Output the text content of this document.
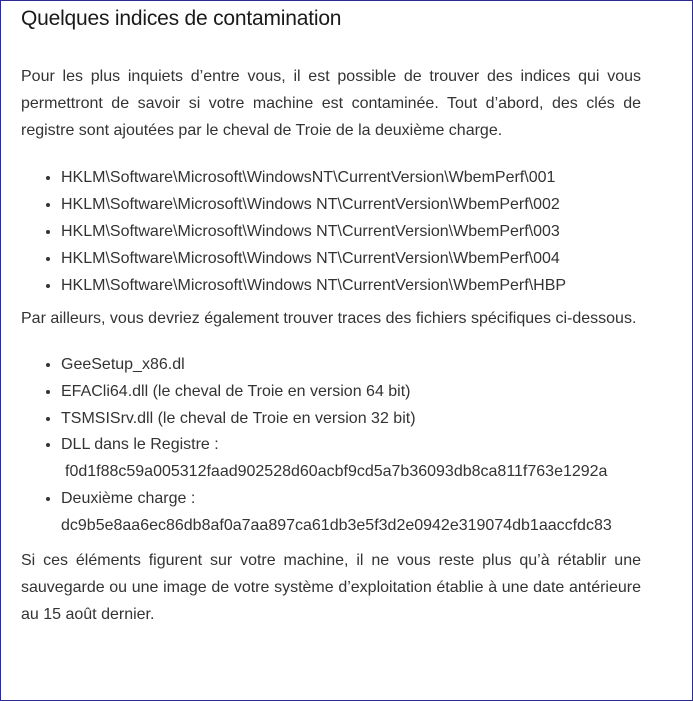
Quelques indices de contamination

Pour les plus inquiets d’entre vous, il est possible de trouver des indices qui vous permettront de savoir si votre machine est contaminée. Tout d’abord, des clés de registre sont ajoutées par le cheval de Troie de la deuxième charge.

• HKLM\Software\Microsoft\WindowsNT\CurrentVersion\WbemPerf\001
• HKLM\Software\Microsoft\Windows NT\CurrentVersion\WbemPerf\002
• HKLM\Software\Microsoft\Windows NT\CurrentVersion\WbemPerf\003
• HKLM\Software\Microsoft\Windows NT\CurrentVersion\WbemPerf\004
• HKLM\Software\Microsoft\Windows NT\CurrentVersion\WbemPerf\HBP

Par ailleurs, vous devriez également trouver traces des fichiers spécifiques ci-dessous.

• GeeSetup_x86.dl
• EFACli64.dll (le cheval de Troie en version 64 bit)
• TSMSISrv.dll (le cheval de Troie en version 32 bit)
• DLL dans le Registre :
f0d1f88c59a005312faad902528d60acbf9cd5a7b36093db8ca811f763e1292a
• Deuxième charge :
dc9b5e8aa6ec86db8af0a7aa897ca61db3e5f3d2e0942e319074db1aaccfdc83

Si ces éléments figurent sur votre machine, il ne vous reste plus qu’à rétablir une sauvegarde ou une image de votre système d’exploitation établie à une date antérieure au 15 août dernier.
